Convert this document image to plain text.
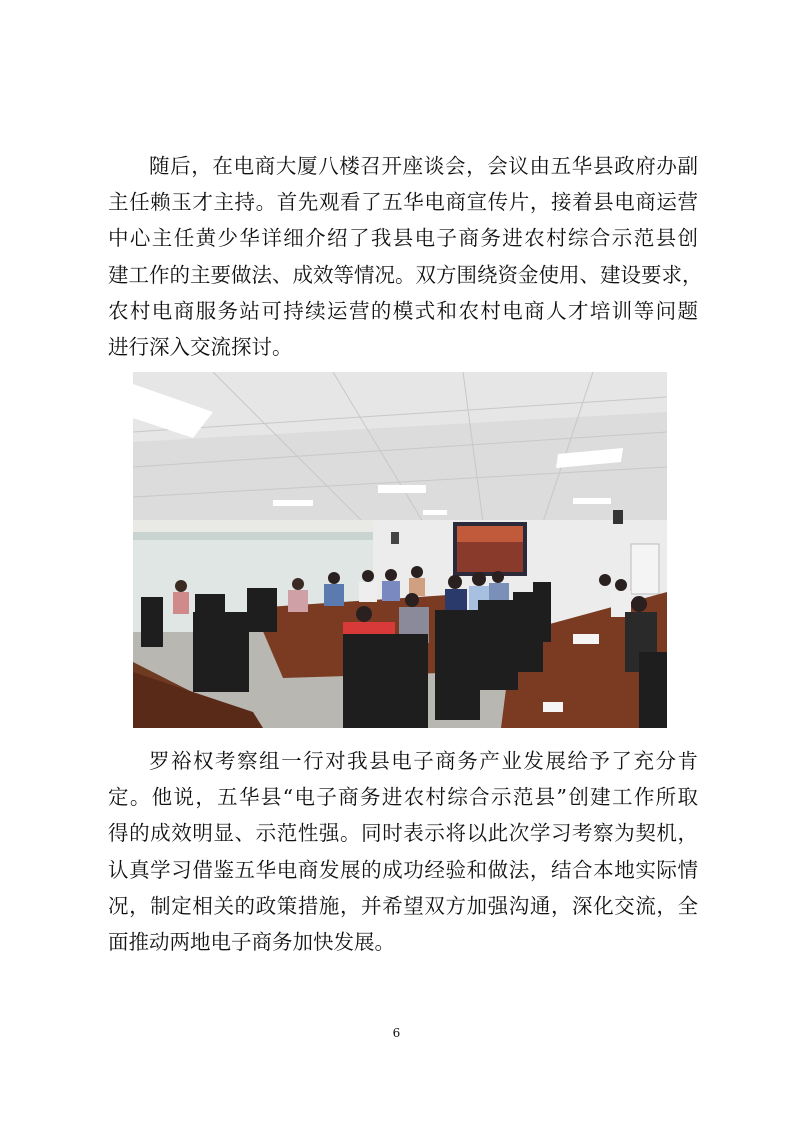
随后，在电商大厦八楼召开座谈会，会议由五华县政府办副
主任赖玉才主持。首先观看了五华电商宣传片，接着县电商运营
中心主任黄少华详细介绍了我县电子商务进农村综合示范县创
建工作的主要做法、成效等情况。双方围绕资金使用、建设要求，
农村电商服务站可持续运营的模式和农村电商人才培训等问题
进行深入交流探讨。
罗裕权考察组一行对我县电子商务产业发展给予了充分肯
定。他说，五华县“电子商务进农村综合示范县”创建工作所取
得的成效明显、示范性强。同时表示将以此次学习考察为契机，
认真学习借鉴五华电商发展的成功经验和做法，结合本地实际情
况，制定相关的政策措施，并希望双方加强沟通，深化交流，全
面推动两地电子商务加快发展。
6
